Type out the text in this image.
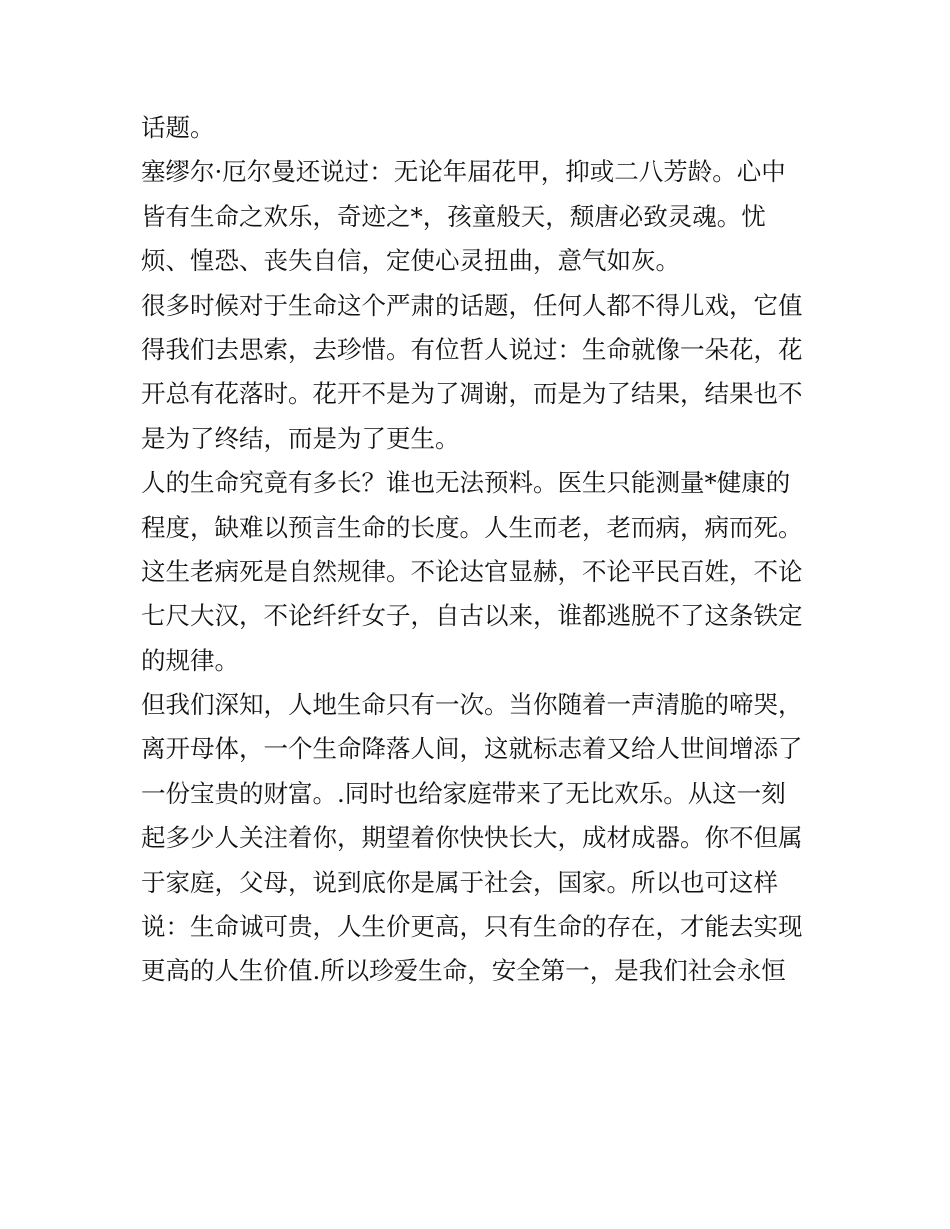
话题。
塞缪尔·厄尔曼还说过：无论年届花甲，抑或二八芳龄。心中
皆有生命之欢乐，奇迹之*，孩童般天，颓唐必致灵魂。忧
烦、惶恐、丧失自信，定使心灵扭曲，意气如灰。
很多时候对于生命这个严肃的话题，任何人都不得儿戏，它值
得我们去思索，去珍惜。有位哲人说过：生命就像一朵花，花
开总有花落时。花开不是为了凋谢，而是为了结果，结果也不
是为了终结，而是为了更生。
人的生命究竟有多长？谁也无法预料。医生只能测量*健康的
程度，缺难以预言生命的长度。人生而老，老而病，病而死。
这生老病死是自然规律。不论达官显赫，不论平民百姓，不论
七尺大汉，不论纤纤女子，自古以来，谁都逃脱不了这条铁定
的规律。
但我们深知，人地生命只有一次。当你随着一声清脆的啼哭，
离开母体，一个生命降落人间，这就标志着又给人世间增添了
一份宝贵的财富。.同时也给家庭带来了无比欢乐。从这一刻
起多少人关注着你，期望着你快快长大，成材成器。你不但属
于家庭，父母，说到底你是属于社会，国家。所以也可这样
说：生命诚可贵，人生价更高，只有生命的存在，才能去实现
更高的人生价值.所以珍爱生命，安全第一，是我们社会永恒
